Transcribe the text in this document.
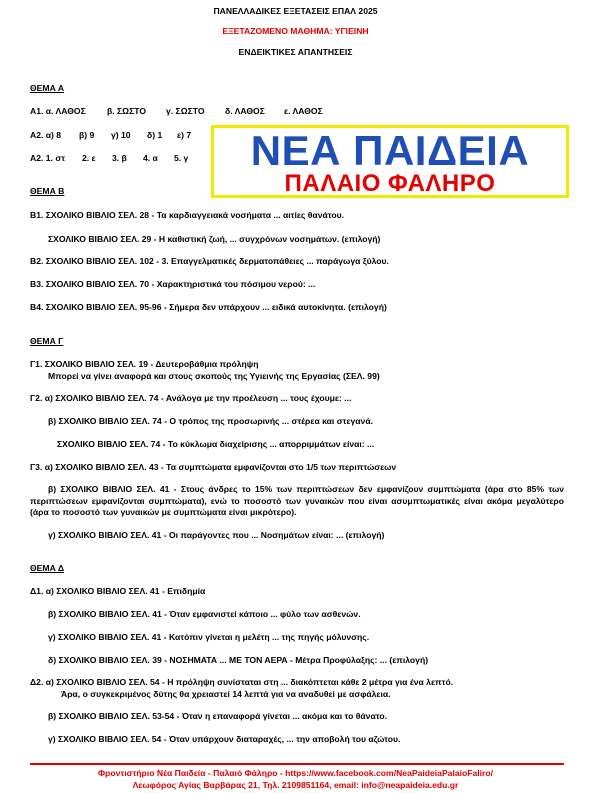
ΠΑΝΕΛΛΑΔΙΚΕΣ ΕΞΕΤΑΣΕΙΣ ΕΠΑΛ 2025
ΕΞΕΤΑΖΟΜΕΝΟ ΜΑΘΗΜΑ: ΥΓΙΕΙΝΗ
ΕΝΔΕΙΚΤΙΚΕΣ ΑΠΑΝΤΗΣΕΙΣ
ΝΕΑ ΠΑΙΔΕΙΑ
ΠΑΛΑΙΟ ΦΑΛΗΡΟ
ΘΕΜΑ Α
Α1. α. ΛΑΘΟΣ β. ΣΩΣΤΟ γ. ΣΩΣΤΟ δ. ΛΑΘΟΣ ε. ΛΑΘΟΣ
Α2. α) 8 β) 9 γ) 10 δ) 1 ε) 7
Α2. 1. στ 2. ε 3. β 4. α 5. γ
ΘΕΜΑ Β
Β1. ΣΧΟΛΙΚΟ ΒΙΒΛΙΟ ΣΕΛ. 28 - Τα καρδιαγγειακά νοσήματα ... αιτίες θανάτου.
ΣΧΟΛΙΚΟ ΒΙΒΛΙΟ ΣΕΛ. 29 - Η καθιστική ζωή, ... συγχρόνων νοσημάτων. (επιλογή)
Β2. ΣΧΟΛΙΚΟ ΒΙΒΛΙΟ ΣΕΛ. 102 - 3. Επαγγελματικές δερματοπάθειες ... παράγωγα ξύλου.
Β3. ΣΧΟΛΙΚΟ ΒΙΒΛΙΟ ΣΕΛ. 70 - Χαρακτηριστικά του πόσιμου νερού: ...
Β4. ΣΧΟΛΙΚΟ ΒΙΒΛΙΟ ΣΕΛ. 95-96 - Σήμερα δεν υπάρχουν ... ειδικά αυτοκίνητα. (επιλογή)
ΘΕΜΑ Γ
Γ1. ΣΧΟΛΙΚΟ ΒΙΒΛΙΟ ΣΕΛ. 19 - Δευτεροβάθμια πρόληψη
Μπορεί να γίνει αναφορά και στους σκοπούς της Υγιεινής της Εργασίας (ΣΕΛ. 99)
Γ2. α) ΣΧΟΛΙΚΟ ΒΙΒΛΙΟ ΣΕΛ. 74 - Ανάλογα με την προέλευση ... τους έχουμε: ...
β) ΣΧΟΛΙΚΟ ΒΙΒΛΙΟ ΣΕΛ. 74 - Ο τρόπος της προσωρινής ... στέρεα και στεγανά.
ΣΧΟΛΙΚΟ ΒΙΒΛΙΟ ΣΕΛ. 74 - Το κύκλωμα διαχείρισης ... απορριμμάτων είναι: ...
Γ3. α) ΣΧΟΛΙΚΟ ΒΙΒΛΙΟ ΣΕΛ. 43 - Τα συμπτώματα εμφανίζονται στο 1/5 των περιπτώσεων
β) ΣΧΟΛΙΚΟ ΒΙΒΛΙΟ ΣΕΛ. 41 - Στους άνδρες το 15% των περιπτώσεων δεν εμφανίζουν συμπτώματα (άρα στο 85% των περιπτώσεων εμφανίζονται συμπτώματα), ενώ το ποσοστό των γυναικών που είναι ασυμπτωματικές είναι ακόμα μεγαλύτερο (άρα το ποσοστό των γυναικών με συμπτώματα είναι μικρότερο).
γ) ΣΧΟΛΙΚΟ ΒΙΒΛΙΟ ΣΕΛ. 41 - Οι παράγοντες που ... Νοσημάτων είναι: ... (επιλογή)
ΘΕΜΑ Δ
Δ1. α) ΣΧΟΛΙΚΟ ΒΙΒΛΙΟ ΣΕΛ. 41 - Επιδημία
β) ΣΧΟΛΙΚΟ ΒΙΒΛΙΟ ΣΕΛ. 41 - Όταν εμφανιστεί κάποιο ... φύλο των ασθενών.
γ) ΣΧΟΛΙΚΟ ΒΙΒΛΙΟ ΣΕΛ. 41 - Κατόπιν γίνεται η μελέτη ... της πηγής μόλυνσης.
δ) ΣΧΟΛΙΚΟ ΒΙΒΛΙΟ ΣΕΛ. 39 - ΝΟΣΗΜΑΤΑ ... ΜΕ ΤΟΝ ΑΕΡΑ - Μέτρα Προφύλαξης: ... (επιλογή)
Δ2. α) ΣΧΟΛΙΚΟ ΒΙΒΛΙΟ ΣΕΛ. 54 - Η πρόληψη συνίσταται στη ... διακόπτεται κάθε 2 μέτρα για ένα λεπτό.
Άρα, ο συγκεκριμένος δύτης θα χρειαστεί 14 λεπτά για να αναδυθεί με ασφάλεια.
β) ΣΧΟΛΙΚΟ ΒΙΒΛΙΟ ΣΕΛ. 53-54 - Όταν η επαναφορά γίνεται ... ακόμα και το θάνατο.
γ) ΣΧΟΛΙΚΟ ΒΙΒΛΙΟ ΣΕΛ. 54 - Όταν υπάρχουν διαταραχές, ... την αποβολή του αζώτου.
Φροντιστήριο Νέα Παιδεία - Παλαιό Φάληρο - https://www.facebook.com/NeaPaideiaPalaioFaliro/
Λεωφόρος Αγίας Βαρβάρας 21, Τηλ. 2109851164, email: info@neapaideia.edu.gr
